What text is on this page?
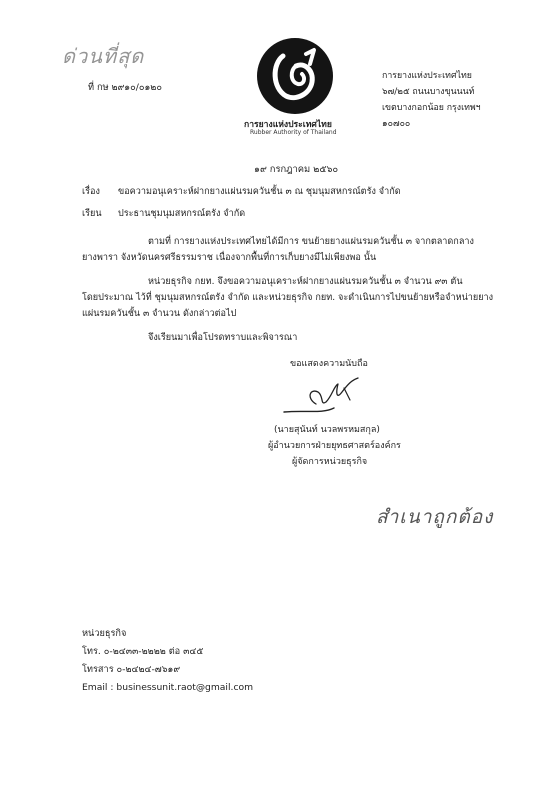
ด่วนที่สุด
ที่ กษ ๒๙๑๐/๐๑๒๐
การยางแห่งประเทศไทย
Rubber Authority of Thailand
การยางแห่งประเทศไทย
๖๗/๒๕ ถนนบางขุนนนท์
เขตบางกอกน้อย กรุงเทพฯ
๑๐๗๐๐
๑๙ กรกฎาคม ๒๕๖๐
เรื่อง ขอความอนุเคราะห์ฝากยางแผ่นรมควันชั้น ๓ ณ ชุมนุมสหกรณ์ตรัง จำกัด
เรียน ประธานชุมนุมสหกรณ์ตรัง จำกัด
ตามที่ การยางแห่งประเทศไทยได้มีการ ขนย้ายยางแผ่นรมควันชั้น ๓ จากตลาดกลาง
ยางพารา จังหวัดนครศรีธรรมราช เนื่องจากพื้นที่การเก็บยางมีไม่เพียงพอ นั้น
หน่วยธุรกิจ กยท. จึงขอความอนุเคราะห์ฝากยางแผ่นรมควันชั้น ๓ จำนวน ๙๓ ตัน
โดยประมาณ ไว้ที่ ชุมนุมสหกรณ์ตรัง จำกัด และหน่วยธุรกิจ กยท. จะดำเนินการไปขนย้ายหรือจำหน่ายยาง
แผ่นรมควันชั้น ๓ จำนวน ดังกล่าวต่อไป
จึงเรียนมาเพื่อโปรดทราบและพิจารณา
ขอแสดงความนับถือ
(นายสุนันท์ นวลพรหมสกุล)
ผู้อำนวยการฝ่ายยุทธศาสตร์องค์กร
ผู้จัดการหน่วยธุรกิจ
สำเนาถูกต้อง
หน่วยธุรกิจ
โทร. ๐-๒๔๓๓-๒๒๒๒ ต่อ ๓๔๕
โทรสาร ๐-๒๔๒๔-๗๖๑๙
Email : businessunit.raot@gmail.com
